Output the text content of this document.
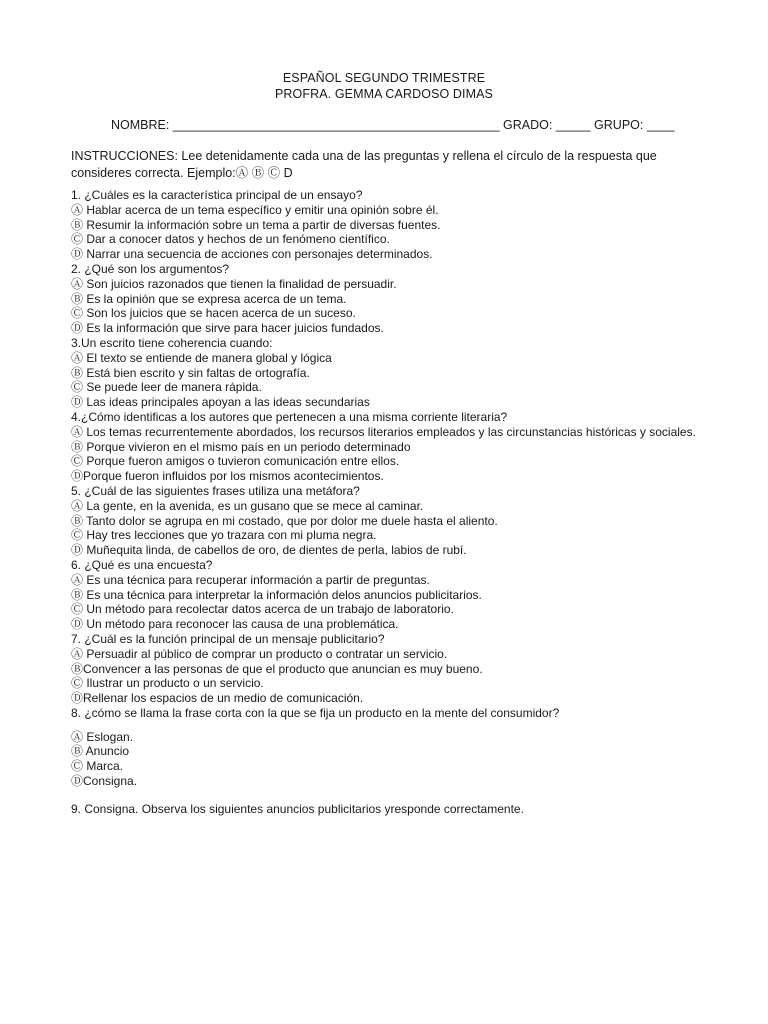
ESPAÑOL SEGUNDO TRIMESTRE
PROFRA. GEMMA CARDOSO DIMAS
NOMBRE: _______________________________________________ GRADO: _____ GRUPO: ____
INSTRUCCIONES: Lee detenidamente cada una de las preguntas y rellena el círculo de la respuesta que consideres correcta. Ejemplo:Ⓐ Ⓑ Ⓒ D
1. ¿Cuáles es la característica principal de un ensayo?
Ⓐ Hablar acerca de un tema específico y emitir una opinión sobre él.
Ⓑ Resumir la información sobre un tema a partir de diversas fuentes.
Ⓒ Dar a conocer datos y hechos de un fenómeno científico.
Ⓓ Narrar una secuencia de acciones con personajes determinados.
2. ¿Qué son los argumentos?
Ⓐ Son juicios razonados que tienen la finalidad de persuadir.
Ⓑ Es la opinión que se expresa acerca de un tema.
Ⓒ Son los juicios que se hacen acerca de un suceso.
Ⓓ Es la información que sirve para hacer juicios fundados.
3.Un escrito tiene coherencia cuando:
Ⓐ El texto se entiende de manera global y lógica
Ⓑ Está bien escrito y sin faltas de ortografía.
Ⓒ Se puede leer de manera rápida.
Ⓓ Las ideas principales apoyan a las ideas secundarias
4.¿Cómo identificas a los autores que pertenecen a una misma corriente literaria?
Ⓐ Los temas recurrentemente abordados, los recursos literarios empleados y las circunstancias históricas y sociales.
Ⓑ Porque vivieron en el mismo país en un periodo determinado
Ⓒ Porque fueron amigos o tuvieron comunicación entre ellos.
ⒹPorque fueron influidos por los mismos acontecimientos.
5. ¿Cuál de las siguientes frases utiliza una metáfora?
Ⓐ La gente, en la avenida, es un gusano que se mece al caminar.
Ⓑ Tanto dolor se agrupa en mi costado, que por dolor me duele hasta el aliento.
Ⓒ Hay tres lecciones que yo trazara con mi pluma negra.
Ⓓ Muñequita linda, de cabellos de oro, de dientes de perla, labios de rubí.
6. ¿Qué es una encuesta?
Ⓐ Es una técnica para recuperar información a partir de preguntas.
Ⓑ Es una técnica para interpretar la información delos anuncios publicitarios.
Ⓒ Un método para recolectar datos acerca de un trabajo de laboratorio.
Ⓓ Un método para reconocer las causa de una problemática.
7. ¿Cuál es la función principal de un mensaje publicitario?
Ⓐ Persuadir al público de comprar un producto o contratar un servicio.
ⒷConvencer a las personas de que el producto que anuncian es muy bueno.
Ⓒ Ilustrar un producto o un servicio.
ⒹRellenar los espacios de un medio de comunicación.
8. ¿cómo se llama la frase corta con la que se fija un producto en la mente del consumidor?
Ⓐ Eslogan.
Ⓑ Anuncio
Ⓒ Marca.
ⒹConsigna.
9. Consigna. Observa los siguientes anuncios publicitarios yresponde correctamente.
